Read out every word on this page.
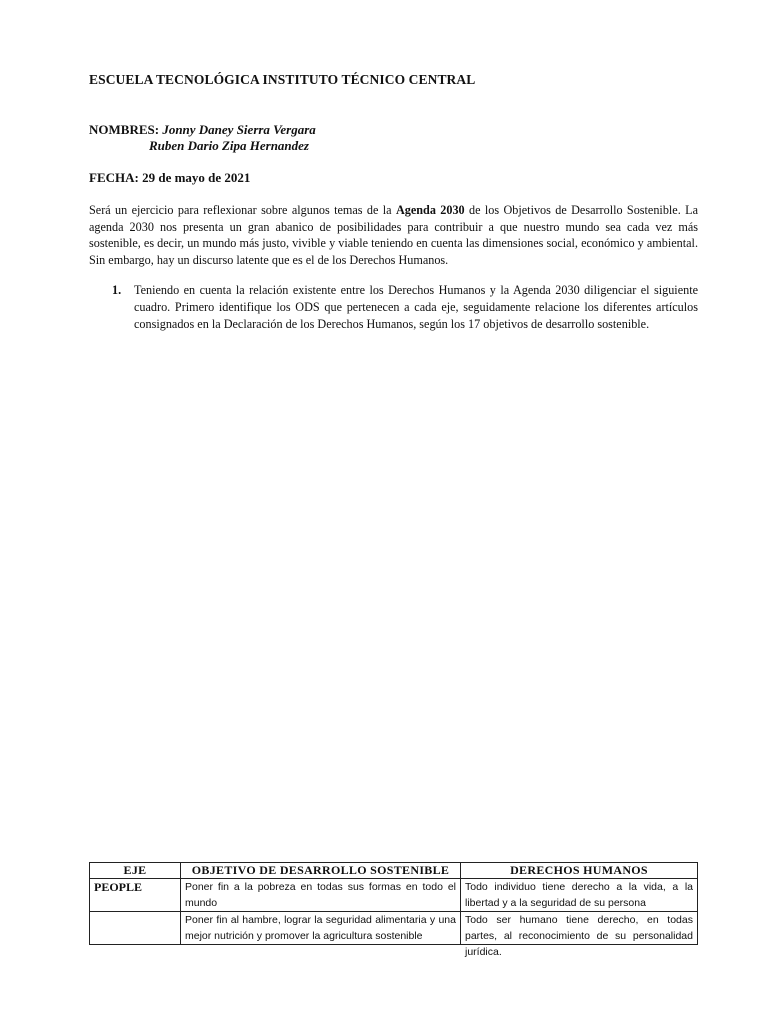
ESCUELA TECNOLÓGICA INSTITUTO TÉCNICO CENTRAL
NOMBRES: Jonny Daney Sierra Vergara
Ruben Dario Zipa Hernandez
FECHA: 29 de mayo de 2021
Será un ejercicio para reflexionar sobre algunos temas de la Agenda 2030 de los Objetivos de Desarrollo Sostenible. La agenda 2030 nos presenta un gran abanico de posibilidades para contribuir a que nuestro mundo sea cada vez más sostenible, es decir, un mundo más justo, vivible y viable teniendo en cuenta las dimensiones social, económico y ambiental. Sin embargo, hay un discurso latente que es el de los Derechos Humanos.
1. Teniendo en cuenta la relación existente entre los Derechos Humanos y la Agenda 2030 diligenciar el siguiente cuadro. Primero identifique los ODS que pertenecen a cada eje, seguidamente relacione los diferentes artículos consignados en la Declaración de los Derechos Humanos, según los 17 objetivos de desarrollo sostenible.
EJE	OBJETIVO DE DESARROLLO SOSTENIBLE	DERECHOS HUMANOS
PEOPLE	Poner fin a la pobreza en todas sus formas en todo el mundo	Todo individuo tiene derecho a la vida, a la libertad y a la seguridad de su persona

	Poner fin al hambre, lograr la seguridad alimentaria y una mejor nutrición y promover la agricultura sostenible	Todo ser humano tiene derecho, en todas partes, al reconocimiento de su personalidad jurídica.
